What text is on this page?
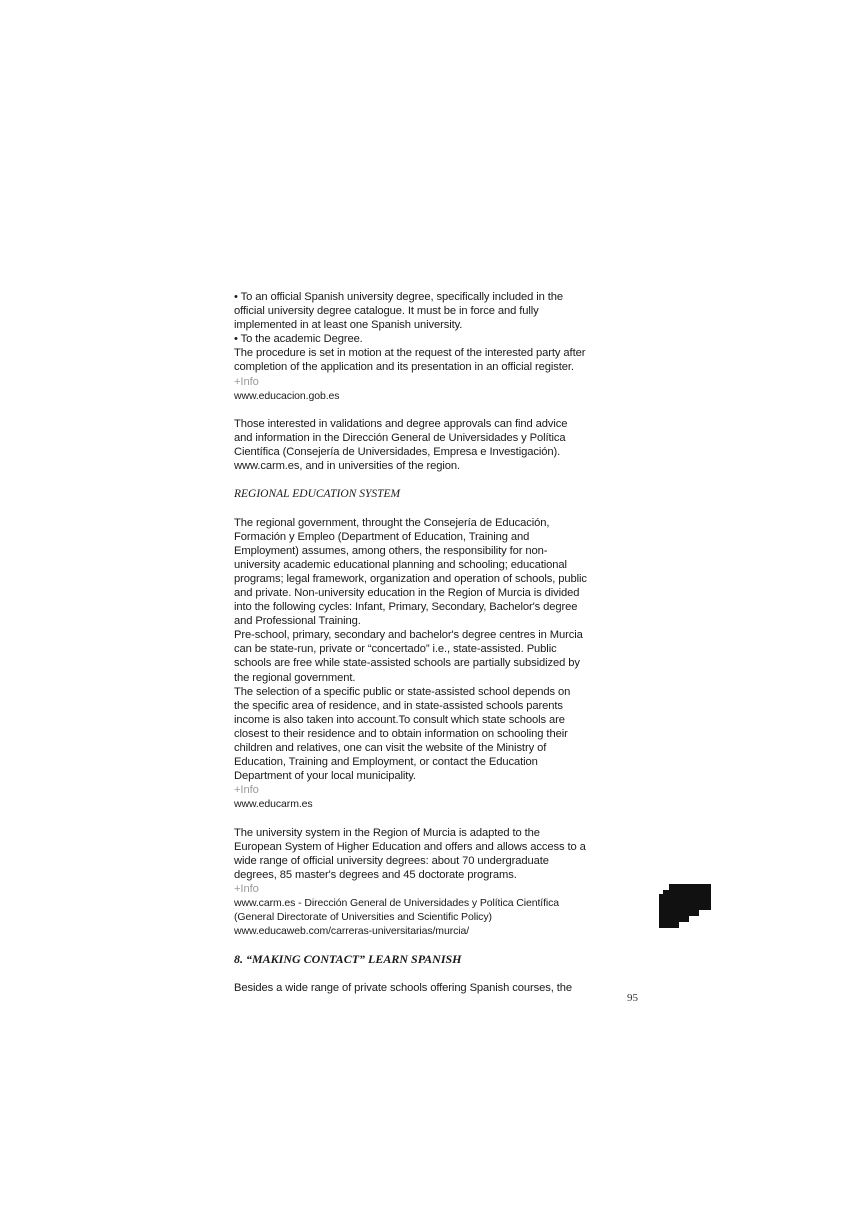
• To an official Spanish university degree, specifically included in the official university degree catalogue. It must be in force and fully implemented in at least one Spanish university.

• To the academic Degree.

The procedure is set in motion at the request of the interested party after completion of the application and its presentation in an official register.

+Info

www.educacion.gob.es

Those interested in validations and degree approvals can find advice and information in the Dirección General de Universidades y Política Científica (Consejería de Universidades, Empresa e Investigación). www.carm.es, and in universities of the region.

REGIONAL EDUCATION SYSTEM

The regional government, throught the Consejería de Educación, Formación y Empleo (Department of Education, Training and Employment) assumes, among others, the responsibility for non-university academic educational planning and schooling; educational programs; legal framework, organization and operation of schools, public and private. Non-university education in the Region of Murcia is divided into the following cycles: Infant, Primary, Secondary, Bachelor's degree and Professional Training.

Pre-school, primary, secondary and bachelor's degree centres in Murcia can be state-run, private or “concertado” i.e., state-assisted. Public schools are free while state-assisted schools are partially subsidized by the regional government.

The selection of a specific public or state-assisted school depends on the specific area of residence, and in state-assisted schools parents income is also taken into account.To consult which state schools are closest to their residence and to obtain information on schooling their children and relatives, one can visit the website of the Ministry of Education, Training and Employment, or contact the Education Department of your local municipality.

+Info

www.educarm.es

The university system in the Region of Murcia is adapted to the European System of Higher Education and offers and allows access to a wide range of official university degrees: about 70 undergraduate degrees, 85 master's degrees and 45 doctorate programs.

+Info

www.carm.es - Dirección General de Universidades y Política Científica (General Directorate of Universities and Scientific Policy)

www.educaweb.com/carreras-universitarias/murcia/

8. “MAKING CONTACT” LEARN SPANISH

Besides a wide range of private schools offering Spanish courses, the

95
